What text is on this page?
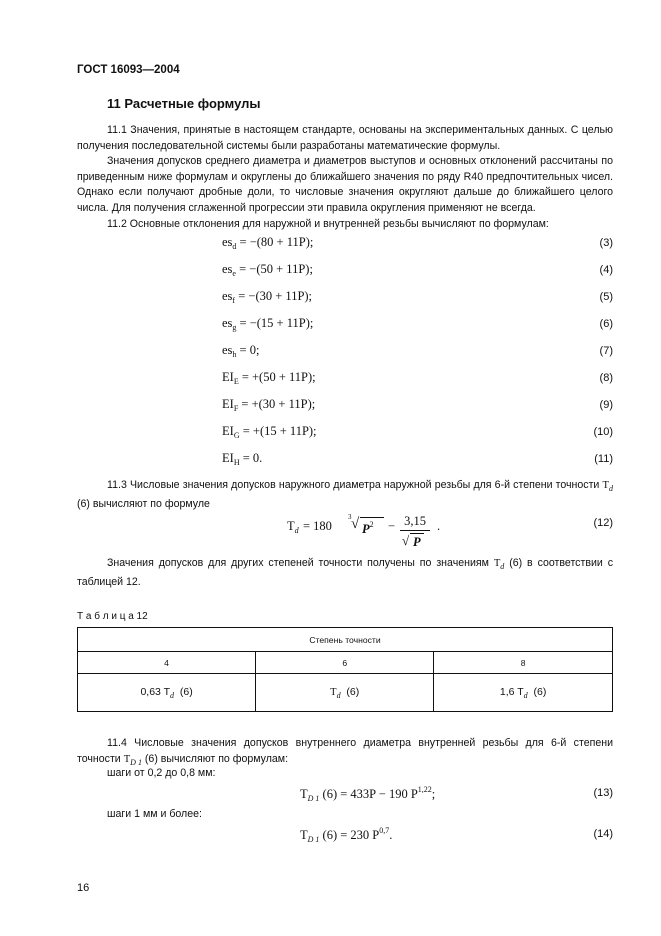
ГОСТ 16093—2004
11 Расчетные формулы

11.1 Значения, принятые в настоящем стандарте, основаны на экспериментальных данных. С целью получения последовательной системы были разработаны математические формулы.

Значения допусков среднего диаметра и диаметров выступов и основных отклонений рассчитаны по приведенным ниже формулам и округлены до ближайшего значения по ряду R40 предпочтительных чисел. Однако если получают дробные доли, то числовые значения округляют дальше до ближайшего целого числа. Для получения сглаженной прогрессии эти правила округления применяют не всегда.

11.2 Основные отклонения для наружной и внутренней резьбы вычисляют по формулам:

$es_d = -(80 + 11P)$;	(3)
$es_e = -(50 + 11P)$;	(4)
$es_f = -(30 + 11P)$;	(5)
$es_g = -(15 + 11P)$;	(6)
$es_h = 0$;	(7)
$EI_E = +(50 + 11P)$;	(8)
$EI_F = +(30 + 11P)$;	(9)
$EI_G = +(15 + 11P)$;	(10)
$EI_H = 0$.	(11)

11.3 Числовые значения допусков наружного диаметра наружной резьбы для 6-й степени точности $T_d$ (6) вычисляют по формуле

$T_d = 180$
3 √ $P^2 - 3,15$
√ P
.	(12)

Значения допусков для других степеней точности получены по значениям $T_d$ (6) в соответствии с таблицей 12.

Т а б л и ц а 12
Степень точности		
4	6	8
0,63 $T_d$ (6)	$T_d$ (6)	1,6 $T_d$ (6)

11.4 Числовые значения допусков внутреннего диаметра внутренней резьбы для 6-й степени точности $T_{D 1}$ (6) вычисляют по формулам:

шаги от 0,2 до 0,8 мм:
$T_{D 1}$ (6) = 433P − 190 P$^{1,22}$;	(13)
шаги 1 мм и более:
$T_{D 1}$ (6) = 230 P$^{0,7}$.	(14)
16
